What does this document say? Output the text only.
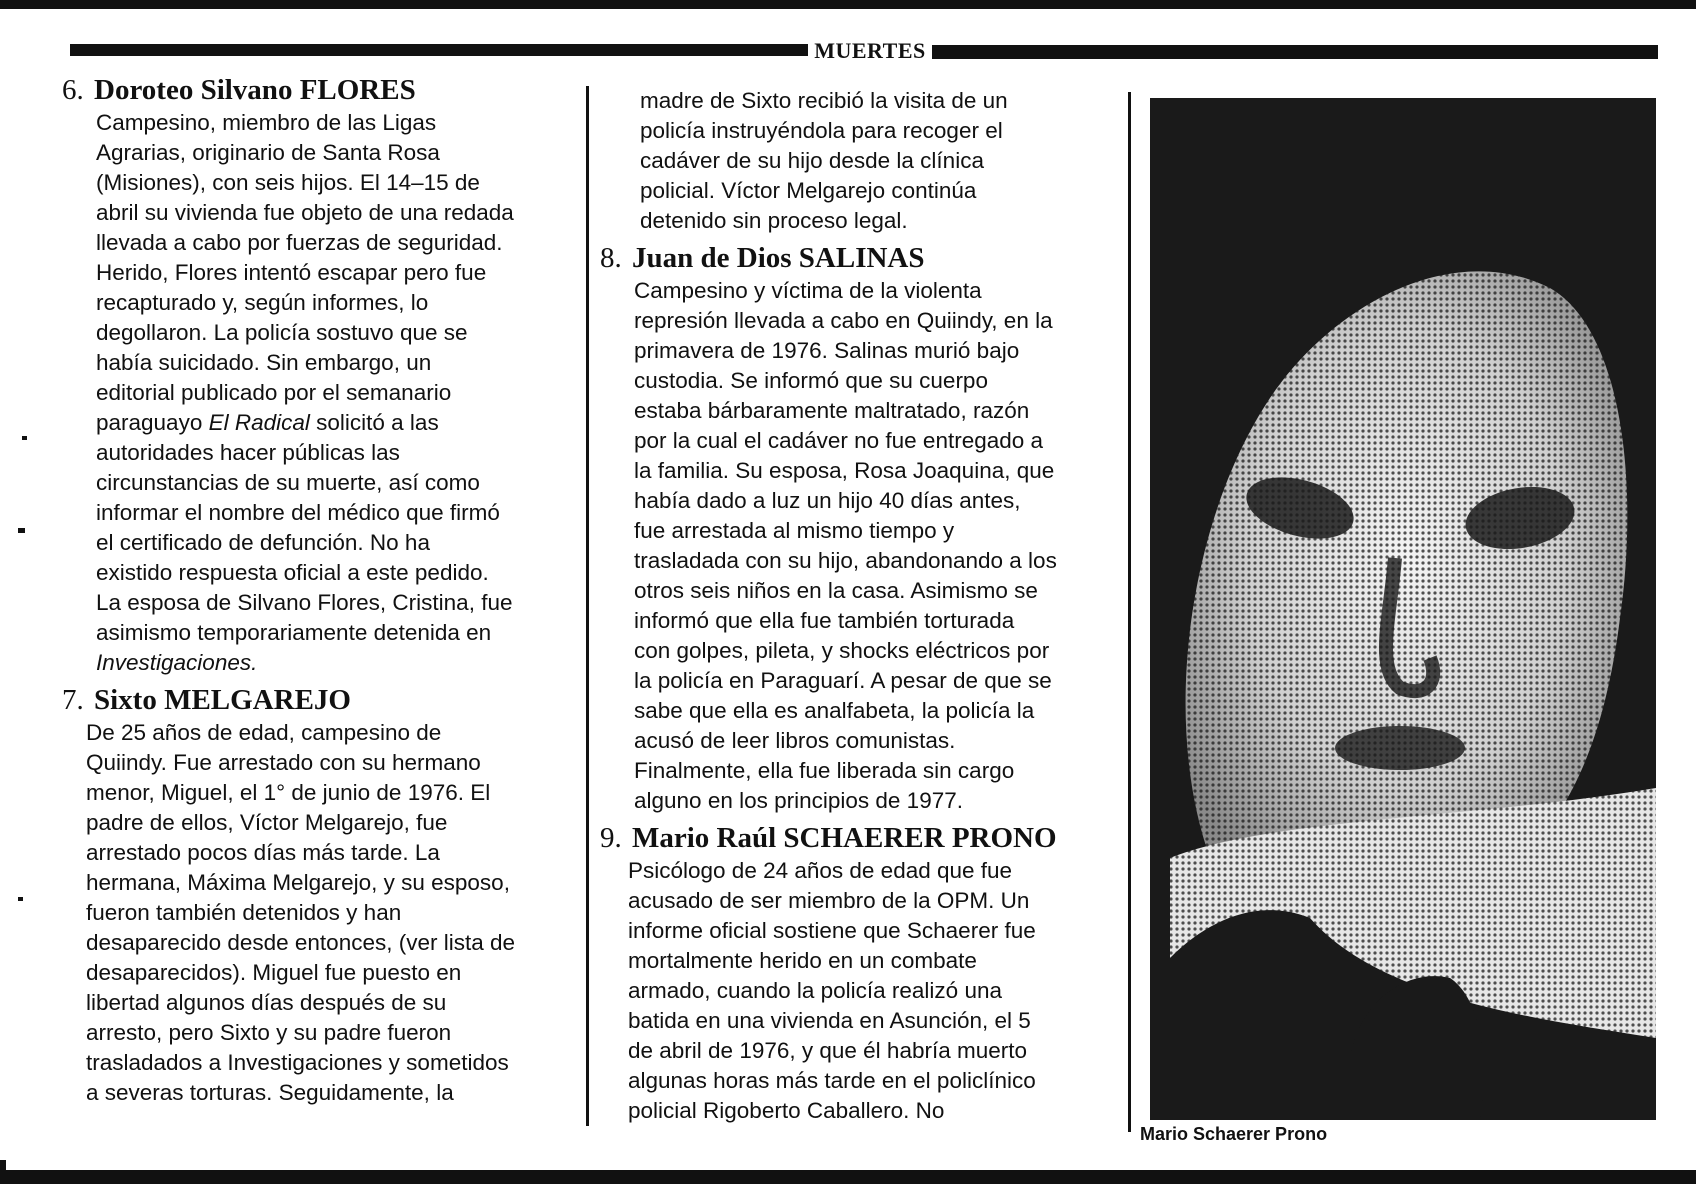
MUERTES
6. Doroteo Silvano FLORES

Campesino, miembro de las Ligas
Agrarias, originario de Santa Rosa
(Misiones), con seis hijos. El 14–15 de
abril su vivienda fue objeto de una redada
llevada a cabo por fuerzas de seguridad.
Herido, Flores intentó escapar pero fue
recapturado y, según informes, lo
degollaron. La policía sostuvo que se
había suicidado. Sin embargo, un
editorial publicado por el semanario
paraguayo El Radical solicitó a las
autoridades hacer públicas las
circunstancias de su muerte, así como
informar el nombre del médico que firmó
el certificado de defunción. No ha
existido respuesta oficial a este pedido.
La esposa de Silvano Flores, Cristina, fue
asimismo temporariamente detenida en
Investigaciones.

7. Sixto MELGAREJO

De 25 años de edad, campesino de
Quiindy. Fue arrestado con su hermano
menor, Miguel, el 1° de junio de 1976. El
padre de ellos, Víctor Melgarejo, fue
arrestado pocos días más tarde. La
hermana, Máxima Melgarejo, y su esposo,
fueron también detenidos y han
desaparecido desde entonces, (ver lista de
desaparecidos). Miguel fue puesto en
libertad algunos días después de su
arresto, pero Sixto y su padre fueron
trasladados a Investigaciones y sometidos
a severas torturas. Seguidamente, la

madre de Sixto recibió la visita de un
policía instruyéndola para recoger el
cadáver de su hijo desde la clínica
policial. Víctor Melgarejo continúa
detenido sin proceso legal.

8. Juan de Dios SALINAS

Campesino y víctima de la violenta
represión llevada a cabo en Quiindy, en la
primavera de 1976. Salinas murió bajo
custodia. Se informó que su cuerpo
estaba bárbaramente maltratado, razón
por la cual el cadáver no fue entregado a
la familia. Su esposa, Rosa Joaquina, que
había dado a luz un hijo 40 días antes,
fue arrestada al mismo tiempo y
trasladada con su hijo, abandonando a los
otros seis niños en la casa. Asimismo se
informó que ella fue también torturada
con golpes, pileta, y shocks eléctricos por
la policía en Paraguarí. A pesar de que se
sabe que ella es analfabeta, la policía la
acusó de leer libros comunistas.
Finalmente, ella fue liberada sin cargo
alguno en los principios de 1977.

9. Mario Raúl SCHAERER PRONO

Psicólogo de 24 años de edad que fue
acusado de ser miembro de la OPM. Un
informe oficial sostiene que Schaerer fue
mortalmente herido en un combate
armado, cuando la policía realizó una
batida en una vivienda en Asunción, el 5
de abril de 1976, y que él habría muerto
algunas horas más tarde en el policlínico
policial Rigoberto Caballero. No

Mario Schaerer Prono
